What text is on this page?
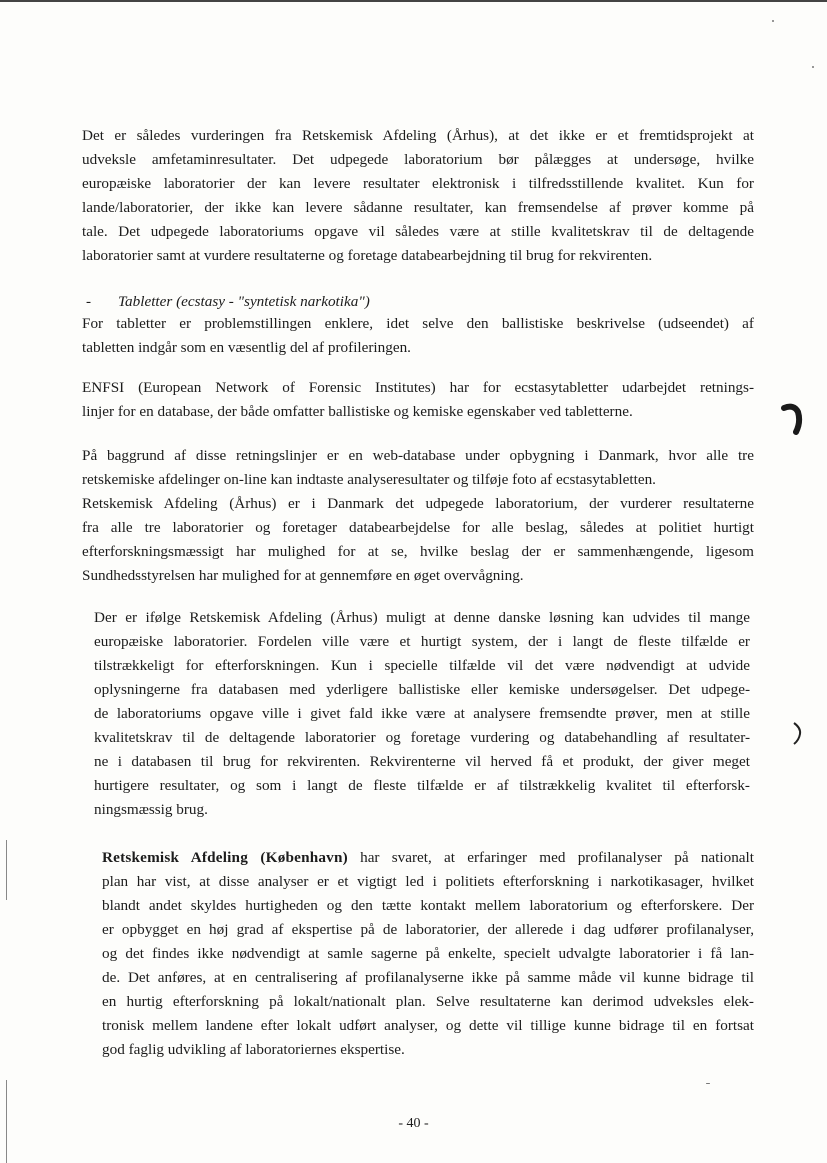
Det er således vurderingen fra Retskemisk Afdeling (Århus), at det ikke er et fremtidsprojekt at
udveksle amfetaminresultater. Det udpegede laboratorium bør pålægges at undersøge, hvilke
europæiske laboratorier der kan levere resultater elektronisk i tilfredsstillende kvalitet. Kun for
lande/laboratorier, der ikke kan levere sådanne resultater, kan fremsendelse af prøver komme på
tale. Det udpegede laboratoriums opgave vil således være at stille kvalitetskrav til de deltagende
laboratorier samt at vurdere resultaterne og foretage databearbejdning til brug for rekvirenten.
- Tabletter (ecstasy - "syntetisk narkotika")
For tabletter er problemstillingen enklere, idet selve den ballistiske beskrivelse (udseendet) af
tabletten indgår som en væsentlig del af profileringen.
ENFSI (European Network of Forensic Institutes) har for ecstasytabletter udarbejdet retnings-
linjer for en database, der både omfatter ballistiske og kemiske egenskaber ved tabletterne.
På baggrund af disse retningslinjer er en web-database under opbygning i Danmark, hvor alle tre
retskemiske afdelinger on-line kan indtaste analyseresultater og tilføje foto af ecstasytabletten.
Retskemisk Afdeling (Århus) er i Danmark det udpegede laboratorium, der vurderer resultaterne
fra alle tre laboratorier og foretager databearbejdelse for alle beslag, således at politiet hurtigt
efterforskningsmæssigt har mulighed for at se, hvilke beslag der er sammenhængende, ligesom
Sundhedsstyrelsen har mulighed for at gennemføre en øget overvågning.
Der er ifølge Retskemisk Afdeling (Århus) muligt at denne danske løsning kan udvides til mange
europæiske laboratorier. Fordelen ville være et hurtigt system, der i langt de fleste tilfælde er
tilstrækkeligt for efterforskningen. Kun i specielle tilfælde vil det være nødvendigt at udvide
oplysningerne fra databasen med yderligere ballistiske eller kemiske undersøgelser. Det udpege-
de laboratoriums opgave ville i givet fald ikke være at analysere fremsendte prøver, men at stille
kvalitetskrav til de deltagende laboratorier og foretage vurdering og databehandling af resultater-
ne i databasen til brug for rekvirenten. Rekvirenterne vil herved få et produkt, der giver meget
hurtigere resultater, og som i langt de fleste tilfælde er af tilstrækkelig kvalitet til efterforsk-
ningsmæssig brug.
Retskemisk Afdeling (København) har svaret, at erfaringer med profilanalyser på nationalt
plan har vist, at disse analyser er et vigtigt led i politiets efterforskning i narkotikasager, hvilket
blandt andet skyldes hurtigheden og den tætte kontakt mellem laboratorium og efterforskere. Der
er opbygget en høj grad af ekspertise på de laboratorier, der allerede i dag udfører profilanalyser,
og det findes ikke nødvendigt at samle sagerne på enkelte, specielt udvalgte laboratorier i få lan-
de. Det anføres, at en centralisering af profilanalyserne ikke på samme måde vil kunne bidrage til
en hurtig efterforskning på lokalt/nationalt plan. Selve resultaterne kan derimod udveksles elek-
tronisk mellem landene efter lokalt udført analyser, og dette vil tillige kunne bidrage til en fortsat
god faglig udvikling af laboratoriernes ekspertise.
- 40 -
